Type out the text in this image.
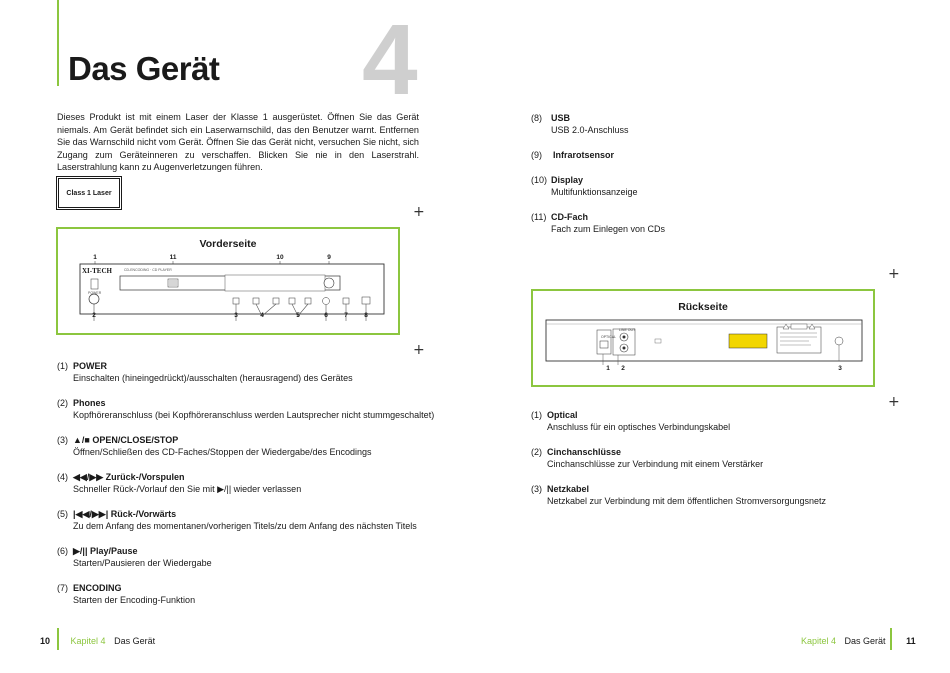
Das Gerät 4
Dieses Produkt ist mit einem Laser der Klasse 1 ausgerüstet. Öffnen Sie das Gerät niemals. Am Gerät befindet sich ein Laserwarnschild, das den Benutzer warnt. Entfernen Sie das Warnschild nicht vom Gerät. Öffnen Sie das Gerät nicht, versuchen Sie nicht, sich Zugang zum Geräteinneren zu verschaffen. Blicken Sie nie in den Laserstrahl. Laserstrahlung kann zu Augenverletzungen führen.
Class 1 Laser
+
+
Vorderseite
1	11	10	9
XI-TECH	CD-ENCODING · CD PLAYER
POWER
2	3	4	5	6	7	8
(1) POWER
Einschalten (hineingedrückt)/ausschalten (herausragend) des Gerätes
(2) Phones
Kopfhöreranschluss (bei Kopfhöreranschluss werden Lautsprecher nicht stummgeschaltet)
(3) ▲/■ OPEN/CLOSE/STOP
Öffnen/Schließen des CD-Faches/Stoppen der Wiedergabe/des Encodings
(4) ◀◀/▶▶ Zurück-/Vorspulen
Schneller Rück-/Vorlauf den Sie mit ▶/|| wieder verlassen
(5) |◀◀/▶▶| Rück-/Vorwärts
Zu dem Anfang des momentanen/vorherigen Titels/zu dem Anfang des nächsten Titels
(6) ▶/|| Play/Pause
Starten/Pausieren der Wiedergabe
(7) ENCODING
Starten der Encoding-Funktion
10 Kapitel 4 Das Gerät
(8) USB
USB 2.0-Anschluss
(9) Infrarotsensor
(10) Display
Multifunktionsanzeige
(11) CD-Fach
Fach zum Einlegen von CDs
+
+
Rückseite
OPTICAL
LINE OUT
1	2	3
(1) Optical
Anschluss für ein optisches Verbindungskabel
(2) Cinchanschlüsse
Cinchanschlüsse zur Verbindung mit einem Verstärker
(3) Netzkabel
Netzkabel zur Verbindung mit dem öffentlichen Stromversorgungsnetz
Kapitel 4 Das Gerät 11
